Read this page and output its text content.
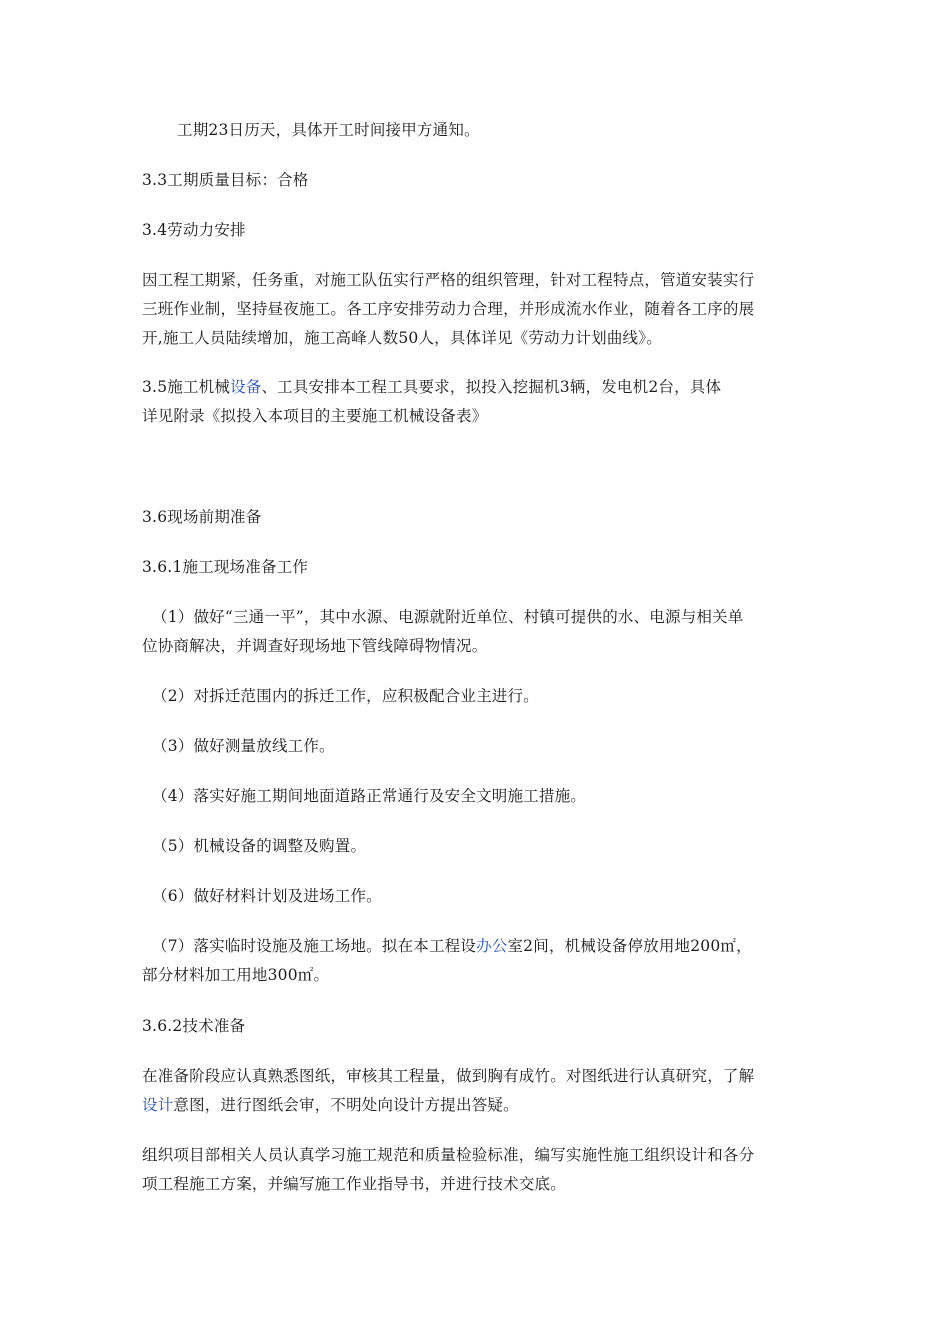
工期23日历天，具体开工时间接甲方通知。
3.3工期质量目标：合格
3.4劳动力安排
因工程工期紧，任务重，对施工队伍实行严格的组织管理，针对工程特点，管道安装实行
三班作业制，坚持昼夜施工。各工序安排劳动力合理，并形成流水作业，随着各工序的展
开,施工人员陆续增加，施工高峰人数50人，具体详见《劳动力计划曲线》。
3.5施工机械设备、工具安排本工程工具要求，拟投入挖掘机3辆，发电机2台，具体
详见附录《拟投入本项目的主要施工机械设备表》
3.6现场前期准备
3.6.1施工现场准备工作
（1）做好“三通一平”，其中水源、电源就附近单位、村镇可提供的水、电源与相关单
位协商解决，并调查好现场地下管线障碍物情况。
（2）对拆迁范围内的拆迁工作，应积极配合业主进行。
（3）做好测量放线工作。
（4）落实好施工期间地面道路正常通行及安全文明施工措施。
（5）机械设备的调整及购置。
（6）做好材料计划及进场工作。
（7）落实临时设施及施工场地。拟在本工程设办公室2间，机械设备停放用地200㎡，
部分材料加工用地300㎡。
3.6.2技术准备
在准备阶段应认真熟悉图纸，审核其工程量，做到胸有成竹。对图纸进行认真研究，了解
设计意图，进行图纸会审，不明处向设计方提出答疑。
组织项目部相关人员认真学习施工规范和质量检验标准，编写实施性施工组织设计和各分
项工程施工方案，并编写施工作业指导书，并进行技术交底。
